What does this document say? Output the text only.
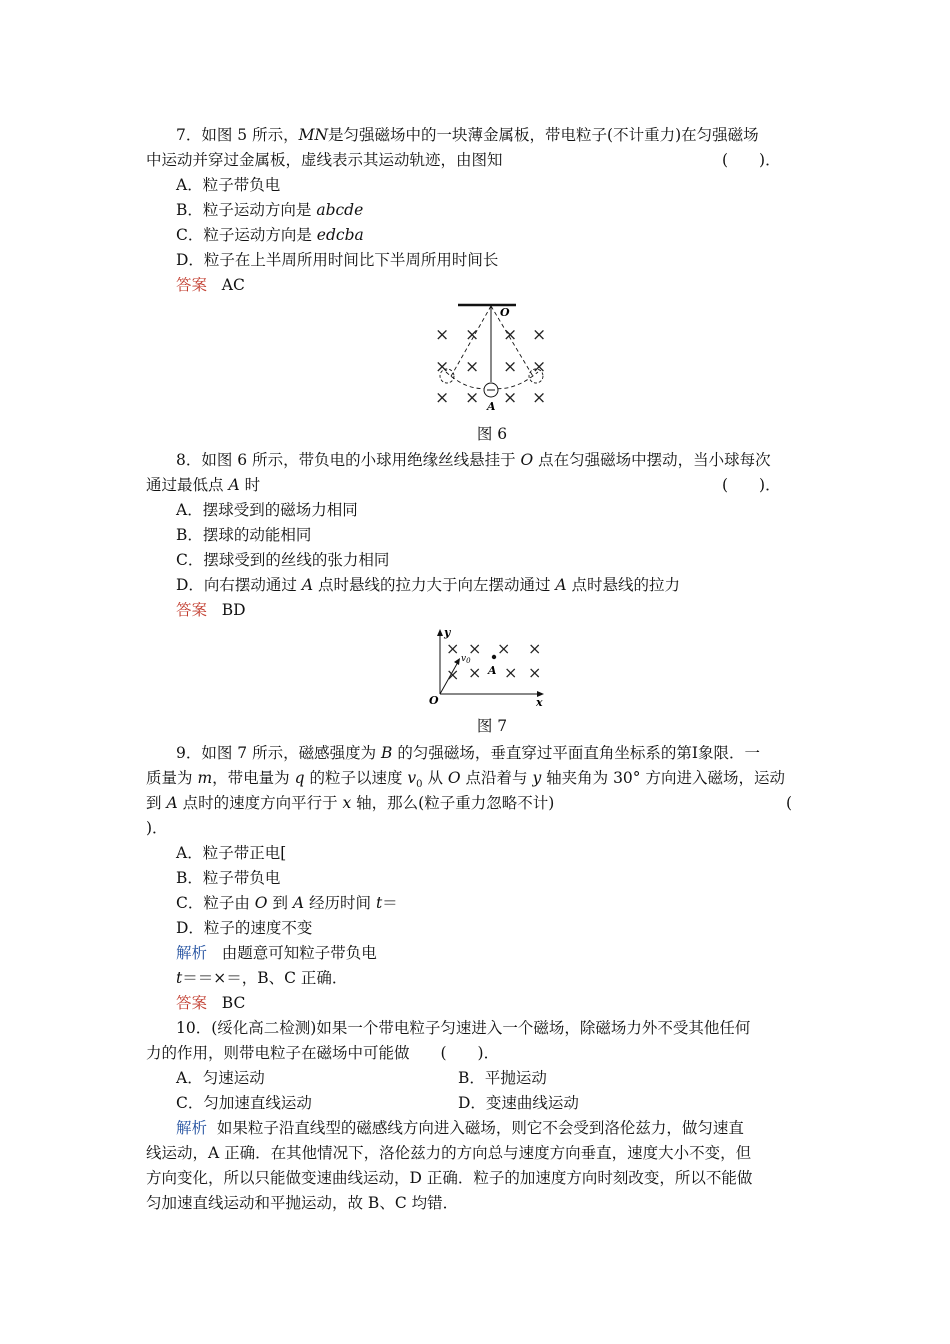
7．如图 5 所示，MN是匀强磁场中的一块薄金属板，带电粒子(不计重力)在匀强磁场
中运动并穿过金属板，虚线表示其运动轨迹，由图知	(　　)．
A．粒子带负电
B．粒子运动方向是 abcde
C．粒子运动方向是 edcba
D．粒子在上半周所用时间比下半周所用时间长
答案 AC
O
A
× × × ×
× × × ×
× × × ×
图 6
8．如图 6 所示，带负电的小球用绝缘丝线悬挂于 O 点在匀强磁场中摆动，当小球每次
通过最低点 A 时	(　　)．
A．摆球受到的磁场力相同
B．摆球的动能相同
C．摆球受到的丝线的张力相同
D．向右摆动通过 A 点时悬线的拉力大于向左摆动通过 A 点时悬线的拉力
答案 BD
y
x
O
A
$v_0$
× × × ×
× × ×
×
图 7
9．如图 7 所示，磁感强度为 B 的匀强磁场，垂直穿过平面直角坐标系的第Ⅰ象限．一
质量为 m，带电量为 q 的粒子以速度 $v_0$ 从 O 点沿着与 y 轴夹角为 30° 方向进入磁场，运动
到 A 点时的速度方向平行于 x 轴，那么(粒子重力忽略不计)	(
)．
A．粒子带正电[
B．粒子带负电
C．粒子由 O 到 A 经历时间 t＝
D．粒子的速度不变
解析 由题意可知粒子带负电
t＝＝×＝，B、C 正确．
答案 BC
10．(绥化高二检测)如果一个带电粒子匀速进入一个磁场，除磁场力外不受其他任何
力的作用，则带电粒子在磁场中可能做　　(　　)．
A．匀速运动	B．平抛运动
C．匀加速直线运动	D．变速曲线运动
解析 如果粒子沿直线型的磁感线方向进入磁场，则它不会受到洛伦兹力，做匀速直
线运动，A 正确．在其他情况下，洛伦兹力的方向总与速度方向垂直，速度大小不变，但
方向变化，所以只能做变速曲线运动，D 正确．粒子的加速度方向时刻改变，所以不能做
匀加速直线运动和平抛运动，故 B、C 均错．
